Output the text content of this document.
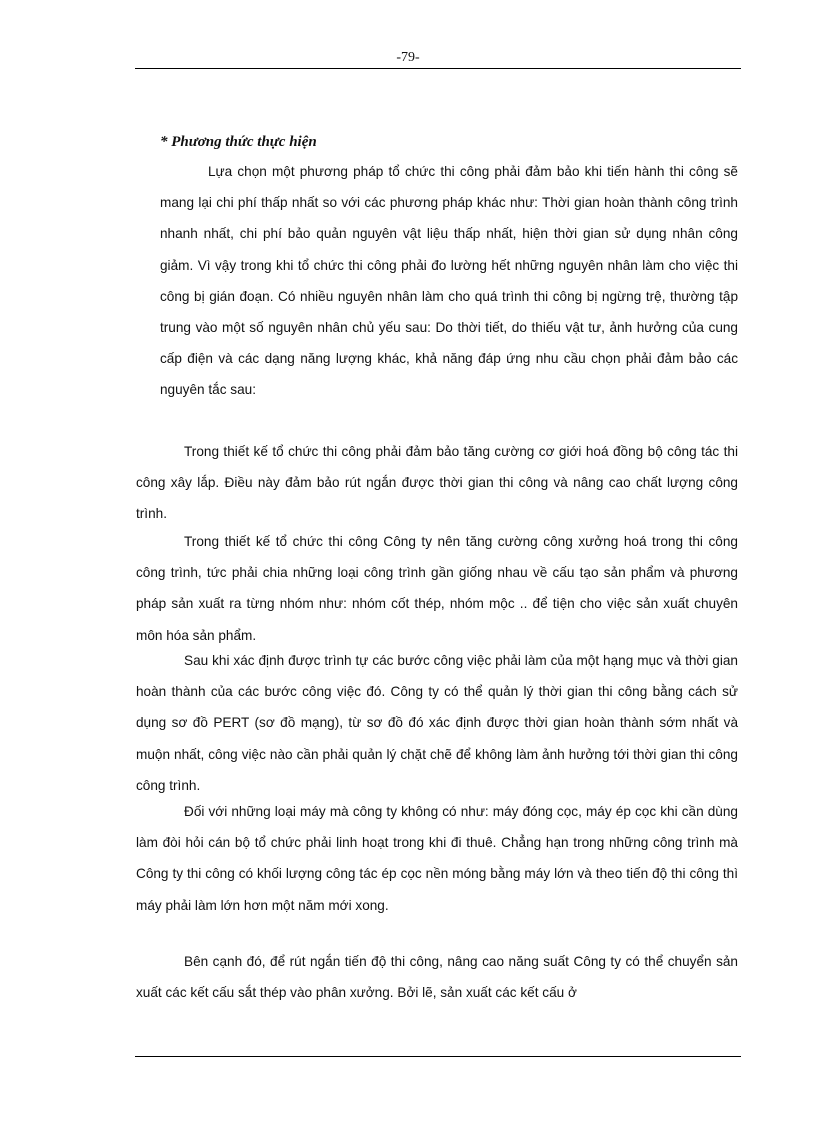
-79-
* Phương thức thực hiện

Lựa chọn một phương pháp tổ chức thi công phải đảm bảo khi tiến hành thi công sẽ mang lại chi phí thấp nhất so với các phương pháp khác như: Thời gian hoàn thành công trình nhanh nhất, chi phí bảo quản nguyên vật liệu thấp nhất, hiện thời gian sử dụng nhân công giảm. Vì vậy trong khi tổ chức thi công phải đo lường hết những nguyên nhân làm cho việc thi công bị gián đoạn. Có nhiều nguyên nhân làm cho quá trình thi công bị ngừng trệ, thường tập trung vào một số nguyên nhân chủ yếu sau: Do thời tiết, do thiếu vật tư, ảnh hưởng của cung cấp điện và các dạng năng lượng khác, khả năng đáp ứng nhu cầu chọn phải đảm bảo các nguyên tắc sau:

Trong thiết kế tổ chức thi công phải đảm bảo tăng cường cơ giới hoá đồng bộ công tác thi công xây lắp. Điều này đảm bảo rút ngắn được thời gian thi công và nâng cao chất lượng công trình.

Trong thiết kế tổ chức thi công Công ty nên tăng cường công xưởng hoá trong thi công công trình, tức phải chia những loại công trình gần giống nhau về cấu tạo sản phẩm và phương pháp sản xuất ra từng nhóm như: nhóm cốt thép, nhóm mộc .. để tiện cho việc sản xuất chuyên môn hóa sản phẩm.

Sau khi xác định được trình tự các bước công việc phải làm của một hạng mục và thời gian hoàn thành của các bước công việc đó. Công ty có thể quản lý thời gian thi công bằng cách sử dụng sơ đồ PERT (sơ đồ mạng), từ sơ đồ đó xác định được thời gian hoàn thành sớm nhất và muộn nhất, công việc nào cần phải quản lý chặt chẽ để không làm ảnh hưởng tới thời gian thi công công trình.

Đối với những loại máy mà công ty không có như: máy đóng cọc, máy ép cọc khi cần dùng làm đòi hỏi cán bộ tổ chức phải linh hoạt trong khi đi thuê. Chẳng hạn trong những công trình mà Công ty thi công có khối lượng công tác ép cọc nền móng bằng máy lớn và theo tiến độ thi công thì máy phải làm lớn hơn một năm mới xong.

Bên cạnh đó, để rút ngắn tiến độ thi công, nâng cao năng suất Công ty có thể chuyển sản xuất các kết cấu sắt thép vào phân xưởng. Bởi lẽ, sản xuất các kết cấu ở
